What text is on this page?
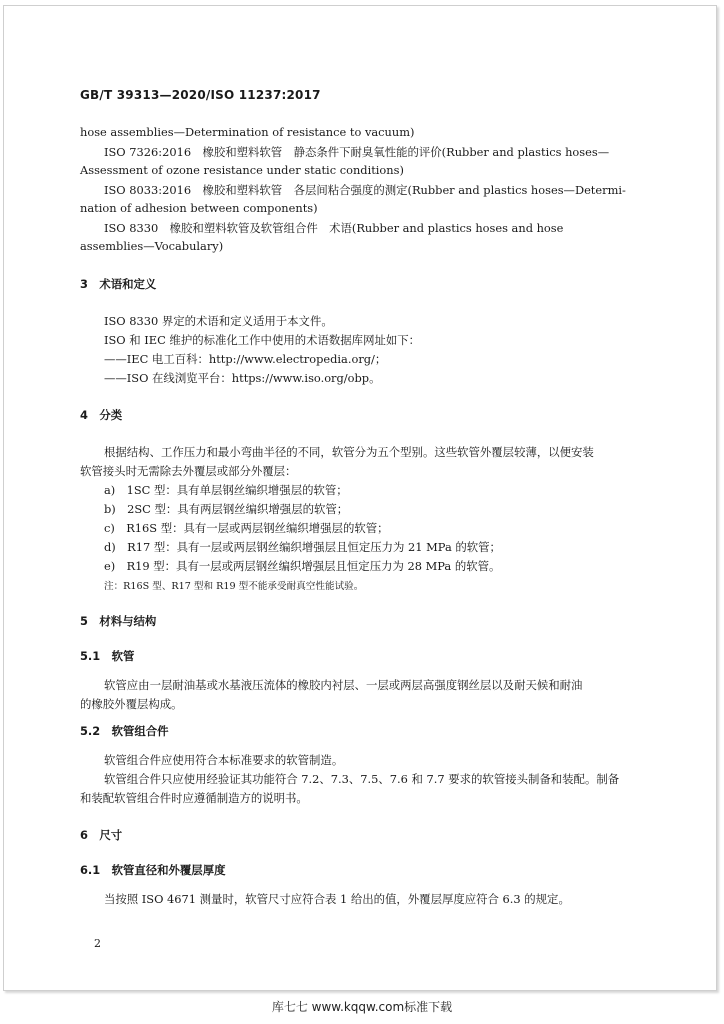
GB/T 39313—2020/ISO 11237:2017
hose assemblies—Determination of resistance to vacuum)
ISO 7326:2016　橡胶和塑料软管　静态条件下耐臭氧性能的评价(Rubber and plastics hoses—
Assessment of ozone resistance under static conditions)
ISO 8033:2016　橡胶和塑料软管　各层间粘合强度的测定(Rubber and plastics hoses—Determi-
nation of adhesion between components)
ISO 8330　橡胶和塑料软管及软管组合件　术语(Rubber and plastics hoses and hose
assemblies—Vocabulary)
3　术语和定义
ISO 8330 界定的术语和定义适用于本文件。
ISO 和 IEC 维护的标准化工作中使用的术语数据库网址如下：
——IEC 电工百科：http://www.electropedia.org/；
——ISO 在线浏览平台：https://www.iso.org/obp。
4　分类
根据结构、工作压力和最小弯曲半径的不同，软管分为五个型别。这些软管外覆层较薄，以便安装
软管接头时无需除去外覆层或部分外覆层：
a)　1SC 型：具有单层钢丝编织增强层的软管；
b)　2SC 型：具有两层钢丝编织增强层的软管；
c)　R16S 型：具有一层或两层钢丝编织增强层的软管；
d)　R17 型：具有一层或两层钢丝编织增强层且恒定压力为 21 MPa 的软管；
e)　R19 型：具有一层或两层钢丝编织增强层且恒定压力为 28 MPa 的软管。
注：R16S 型、R17 型和 R19 型不能承受耐真空性能试验。
5　材料与结构
5.1　软管
软管应由一层耐油基或水基液压流体的橡胶内衬层、一层或两层高强度钢丝层以及耐天候和耐油
的橡胶外覆层构成。
5.2　软管组合件
软管组合件应使用符合本标准要求的软管制造。
软管组合件只应使用经验证其功能符合 7.2、7.3、7.5、7.6 和 7.7 要求的软管接头制备和装配。制备
和装配软管组合件时应遵循制造方的说明书。
6　尺寸
6.1　软管直径和外覆层厚度
当按照 ISO 4671 测量时，软管尺寸应符合表 1 给出的值，外覆层厚度应符合 6.3 的规定。
2
库七七 www.kqqw.com标准下载
